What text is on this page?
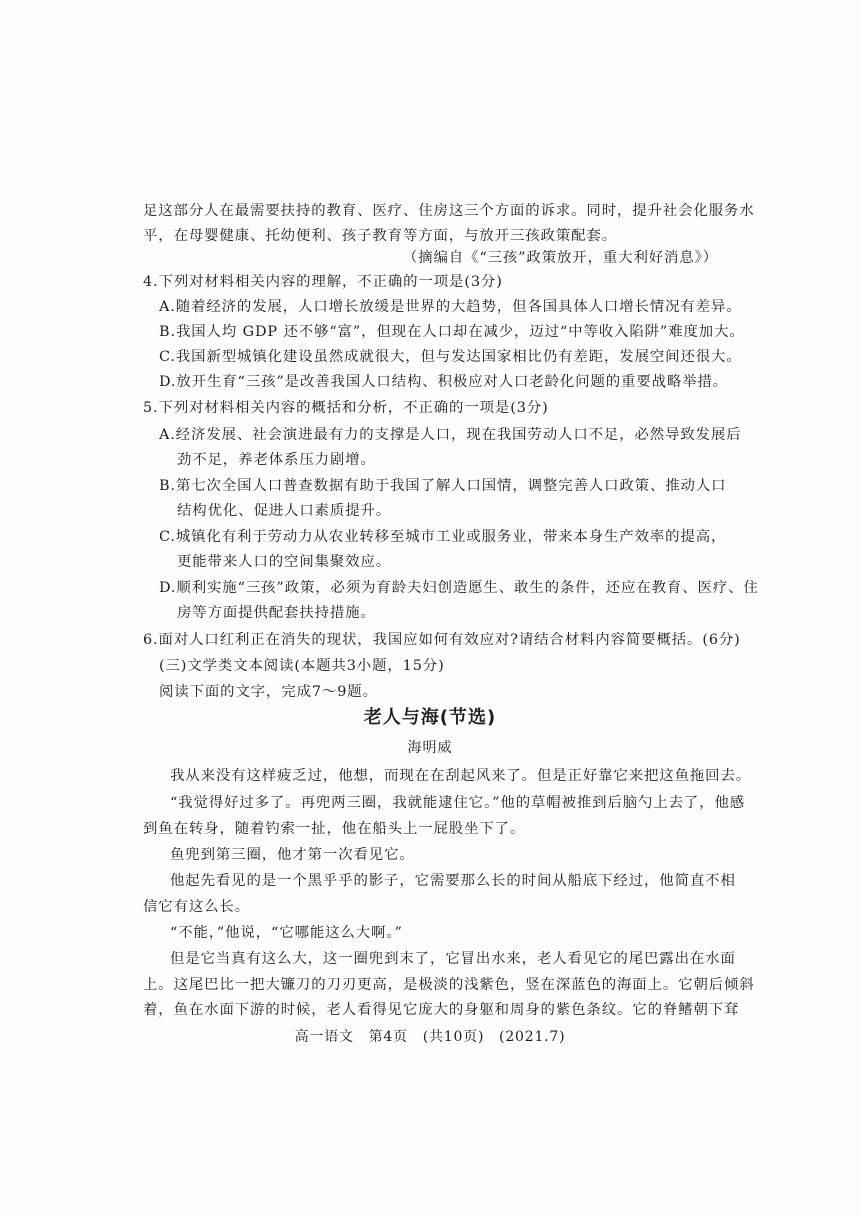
足这部分人在最需要扶持的教育、医疗、住房这三个方面的诉求。同时，提升社会化服务水
平，在母婴健康、托幼便利、孩子教育等方面，与放开三孩政策配套。
（摘编自《“三孩”政策放开，重大利好消息》）
4.下列对材料相关内容的理解，不正确的一项是(3分)
A.随着经济的发展，人口增长放缓是世界的大趋势，但各国具体人口增长情况有差异。
B.我国人均 GDP 还不够“富”，但现在人口却在减少，迈过“中等收入陷阱”难度加大。
C.我国新型城镇化建设虽然成就很大，但与发达国家相比仍有差距，发展空间还很大。
D.放开生育“三孩”是改善我国人口结构、积极应对人口老龄化问题的重要战略举措。
5.下列对材料相关内容的概括和分析，不正确的一项是(3分)
A.经济发展、社会演进最有力的支撑是人口，现在我国劳动人口不足，必然导致发展后
劲不足，养老体系压力剧增。
B.第七次全国人口普查数据有助于我国了解人口国情，调整完善人口政策、推动人口
结构优化、促进人口素质提升。
C.城镇化有利于劳动力从农业转移至城市工业或服务业，带来本身生产效率的提高，
更能带来人口的空间集聚效应。
D.顺利实施“三孩”政策，必须为育龄夫妇创造愿生、敢生的条件，还应在教育、医疗、住
房等方面提供配套扶持措施。
6.面对人口红利正在消失的现状，我国应如何有效应对?请结合材料内容简要概括。(6分)
(三)文学类文本阅读(本题共3小题，15分)
阅读下面的文字，完成7～9题。
老人与海(节选)
海明威
我从来没有这样疲乏过，他想，而现在在刮起风来了。但是正好靠它来把这鱼拖回去。
“我觉得好过多了。再兜两三圈，我就能逮住它。”他的草帽被推到后脑勺上去了，他感
到鱼在转身，随着钓索一扯，他在船头上一屁股坐下了。
鱼兜到第三圈，他才第一次看见它。
他起先看见的是一个黑乎乎的影子，它需要那么长的时间从船底下经过，他简直不相
信它有这么长。
“不能，”他说，“它哪能这么大啊。”
但是它当真有这么大，这一圈兜到末了，它冒出水来，老人看见它的尾巴露出在水面
上。这尾巴比一把大镰刀的刀刃更高，是极淡的浅紫色，竖在深蓝色的海面上。它朝后倾斜
着，鱼在水面下游的时候，老人看得见它庞大的身躯和周身的紫色条纹。它的脊鳍朝下耷
高一语文　第4页　(共10页)　(2021.7)
